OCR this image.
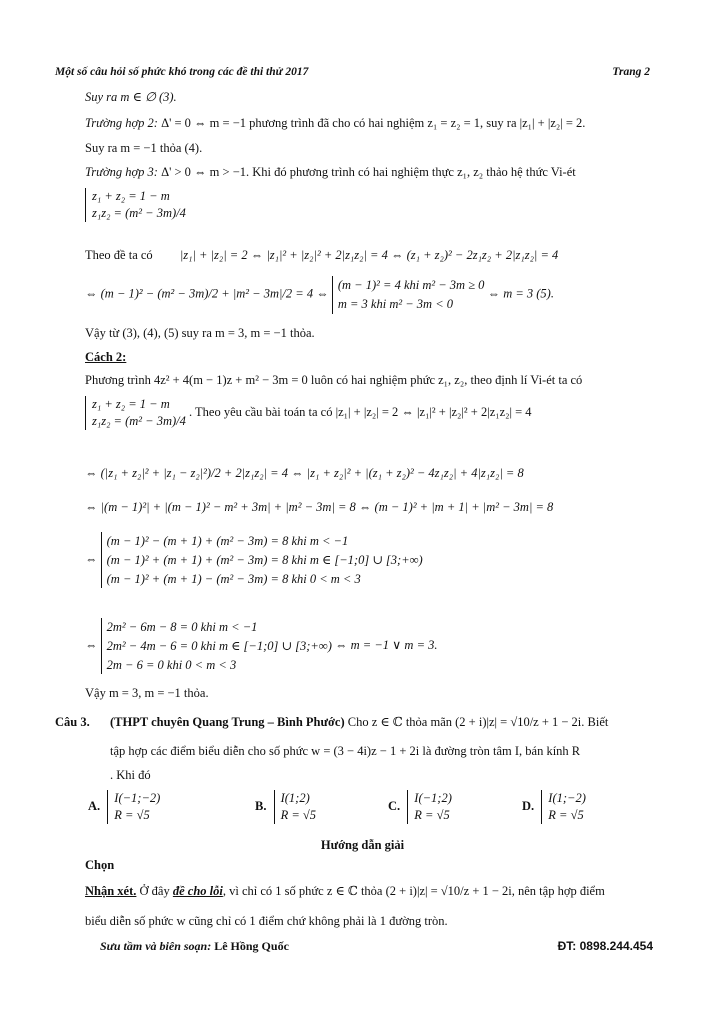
Một số câu hỏi số phức khó trong các đề thi thử 2017	Trang 2
Suy ra m ∈ ∅ (3).
Trường hợp 2: Δ' = 0 ⇔ m = −1 phương trình đã cho có hai nghiệm z₁ = z₂ = 1, suy ra |z₁| + |z₂| = 2.
Suy ra m = −1 thỏa (4).
Trường hợp 3: Δ' > 0 ⇔ m > −1. Khi đó phương trình có hai nghiệm thực z₁, z₂ thảo hệ thức Vi-ét
z₁ + z₂ = 1 − m
z₁z₂ = (m² − 3m)/4
Theo đề ta có |z₁| + |z₂| = 2 ⇔ |z₁|² + |z₂|² + 2|z₁z₂| = 4 ⇔ (z₁ + z₂)² − 2z₁z₂ + 2|z₁z₂| = 4
⇔ (m − 1)² − (m² − 3m)/2 + |m² − 3m|/2 = 4 ⇔ (m − 1)² = 4 khi m² − 3m ≥ 0
m = 3 khi m² − 3m < 0 ⇔ m = 3 (5).
Vậy từ (3), (4), (5) suy ra m = 3, m = −1 thỏa.
Cách 2:
Phương trình 4z² + 4(m − 1)z + m² − 3m = 0 luôn có hai nghiệm phức z₁, z₂, theo định lí Vi-ét ta có
z₁ + z₂ = 1 − m
z₁z₂ = (m² − 3m)/4 . Theo yêu cầu bài toán ta có |z₁| + |z₂| = 2 ⇔ |z₁|² + |z₂|² + 2|z₁z₂| = 4
⇔ (|z₁ + z₂|² + |z₁ − z₂|²)/2 + 2|z₁z₂| = 4 ⇔ |z₁ + z₂|² + |(z₁ + z₂)² − 4z₁z₂| + 4|z₁z₂| = 8
⇔ |(m − 1)²| + |(m − 1)² − m² + 3m| + |m² − 3m| = 8 ⇔ (m − 1)² + |m + 1| + |m² − 3m| = 8
⇔ (m − 1)² − (m + 1) + (m² − 3m) = 8 khi m < −1
(m − 1)² + (m + 1) + (m² − 3m) = 8 khi m ∈ [−1;0] ∪ [3;+∞)
(m − 1)² + (m + 1) − (m² − 3m) = 8 khi 0 < m < 3
⇔ 2m² − 6m − 8 = 0 khi m < −1
2m² − 4m − 6 = 0 khi m ∈ [−1;0] ∪ [3;+∞)
2m − 6 = 0 khi 0 < m < 3 ⇔ m = −1 ∨ m = 3.
Vậy m = 3, m = −1 thỏa.
Câu 3. (THPT chuyên Quang Trung – Bình Phước) Cho z ∈ ℂ thỏa mãn (2 + i)|z| = √10/z + 1 − 2i. Biết
tập hợp các điểm biểu diễn cho số phức w = (3 − 4i)z − 1 + 2i là đường tròn tâm I, bán kính R
. Khi đó
A. I(−1;−2)
R = √5
B. I(1;2)
R = √5
C. I(−1;2)
R = √5
D. I(1;−2)
R = √5
Hướng dẫn giải
Chọn
Nhận xét. Ở đây đề cho lỗi, vì chỉ có 1 số phức z ∈ ℂ thỏa (2 + i)|z| = √10/z + 1 − 2i, nên tập hợp điểm
biểu diễn số phức w cũng chỉ có 1 điểm chứ không phải là 1 đường tròn.
Sưu tầm và biên soạn: Lê Hồng Quốc	ĐT: 0898.244.454
